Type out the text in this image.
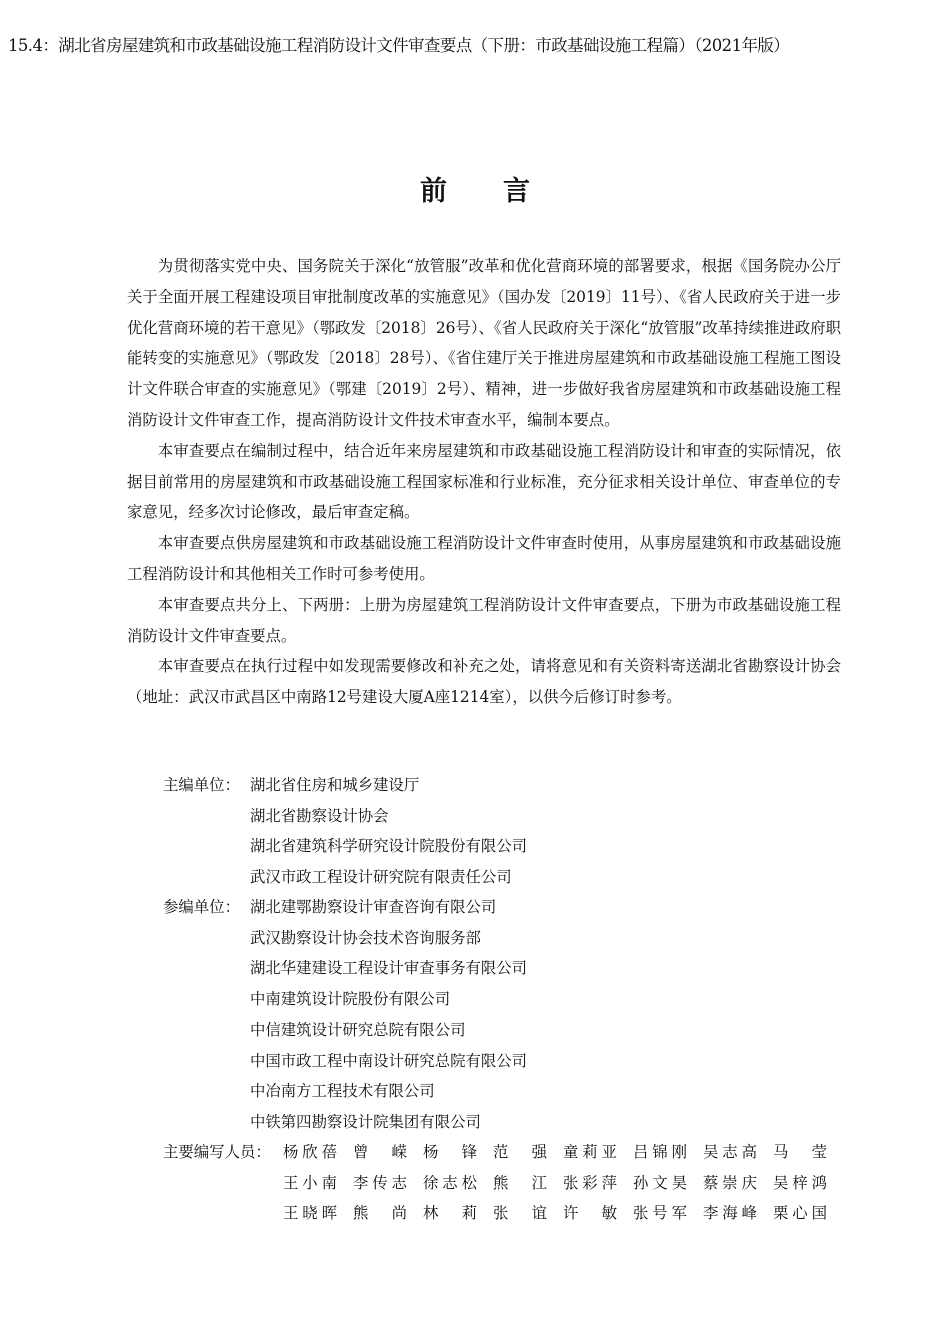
15.4：湖北省房屋建筑和市政基础设施工程消防设计文件审查要点（下册：市政基础设施工程篇）（2021年版）
前言

为贯彻落实党中央、国务院关于深化“放管服”改革和优化营商环境的部署要求，根据《国务院办公厅关于全面开展工程建设项目审批制度改革的实施意见》（国办发〔2019〕11号）、《省人民政府关于进一步优化营商环境的若干意见》（鄂政发〔2018〕26号）、《省人民政府关于深化“放管服”改革持续推进政府职能转变的实施意见》（鄂政发〔2018〕28号）、《省住建厅关于推进房屋建筑和市政基础设施工程施工图设计文件联合审查的实施意见》（鄂建〔2019〕2号）、精神，进一步做好我省房屋建筑和市政基础设施工程消防设计文件审查工作，提高消防设计文件技术审查水平，编制本要点。

本审查要点在编制过程中，结合近年来房屋建筑和市政基础设施工程消防设计和审查的实际情况，依据目前常用的房屋建筑和市政基础设施工程国家标准和行业标准，充分征求相关设计单位、审查单位的专家意见，经多次讨论修改，最后审查定稿。

本审查要点供房屋建筑和市政基础设施工程消防设计文件审查时使用，从事房屋建筑和市政基础设施工程消防设计和其他相关工作时可参考使用。

本审查要点共分上、下两册：上册为房屋建筑工程消防设计文件审查要点，下册为市政基础设施工程消防设计文件审查要点。

本审查要点在执行过程中如发现需要修改和补充之处，请将意见和有关资料寄送湖北省勘察设计协会（地址：武汉市武昌区中南路12号建设大厦A座1214室），以供今后修订时参考。

主编单位： 湖北省住房和城乡建设厅
湖北省勘察设计协会
湖北省建筑科学研究设计院股份有限公司
武汉市政工程设计研究院有限责任公司
参编单位： 湖北建鄂勘察设计审查咨询有限公司
武汉勘察设计协会技术咨询服务部
湖北华建建设工程设计审查事务有限公司
中南建筑设计院股份有限公司
中信建筑设计研究总院有限公司
中国市政工程中南设计研究总院有限公司
中冶南方工程技术有限公司
中铁第四勘察设计院集团有限公司
主要编写人员： 杨欣蓓 曾嵘 杨锋 范强 童莉亚 吕锦刚 吴志高 马莹
王小南 李传志 徐志松 熊江 张彩萍 孙文昊 蔡崇庆 吴梓鸿
王晓晖 熊尚 林莉 张谊 许敏 张号军 李海峰 栗心国
